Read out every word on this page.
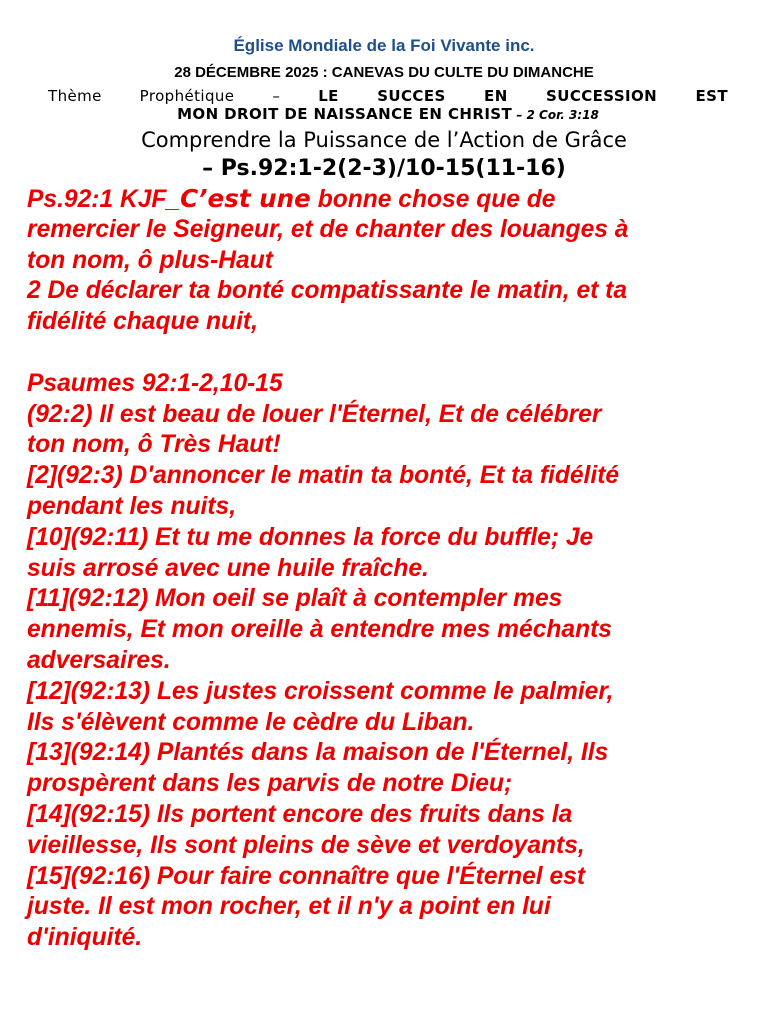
Église Mondiale de la Foi Vivante inc.
28 DÉCEMBRE 2025 : CANEVAS DU CULTE DU DIMANCHE
Thème Prophétique – LE SUCCES EN SUCCESSION EST
MON DROIT DE NAISSANCE EN CHRIST – 2 Cor. 3:18
Comprendre la Puissance de l’Action de Grâce
– Ps.92:1-2(2-3)/10-15(11-16)
Ps.92:1 KJF_C’est une bonne chose que de
remercier le Seigneur, et de chanter des louanges à
ton nom, ô plus-Haut
2 De déclarer ta bonté compatissante le matin, et ta
fidélité chaque nuit,
Psaumes 92:1-2,10-15
(92:2) Il est beau de louer l'Éternel, Et de célébrer
ton nom, ô Très Haut!
[2](92:3) D'annoncer le matin ta bonté, Et ta fidélité
pendant les nuits,
[10](92:11) Et tu me donnes la force du buffle; Je
suis arrosé avec une huile fraîche.
[11](92:12) Mon oeil se plaît à contempler mes
ennemis, Et mon oreille à entendre mes méchants
adversaires.
[12](92:13) Les justes croissent comme le palmier,
Ils s'élèvent comme le cèdre du Liban.
[13](92:14) Plantés dans la maison de l'Éternel, Ils
prospèrent dans les parvis de notre Dieu;
[14](92:15) Ils portent encore des fruits dans la
vieillesse, Ils sont pleins de sève et verdoyants,
[15](92:16) Pour faire connaître que l'Éternel est
juste. Il est mon rocher, et il n'y a point en lui
d'iniquité.
